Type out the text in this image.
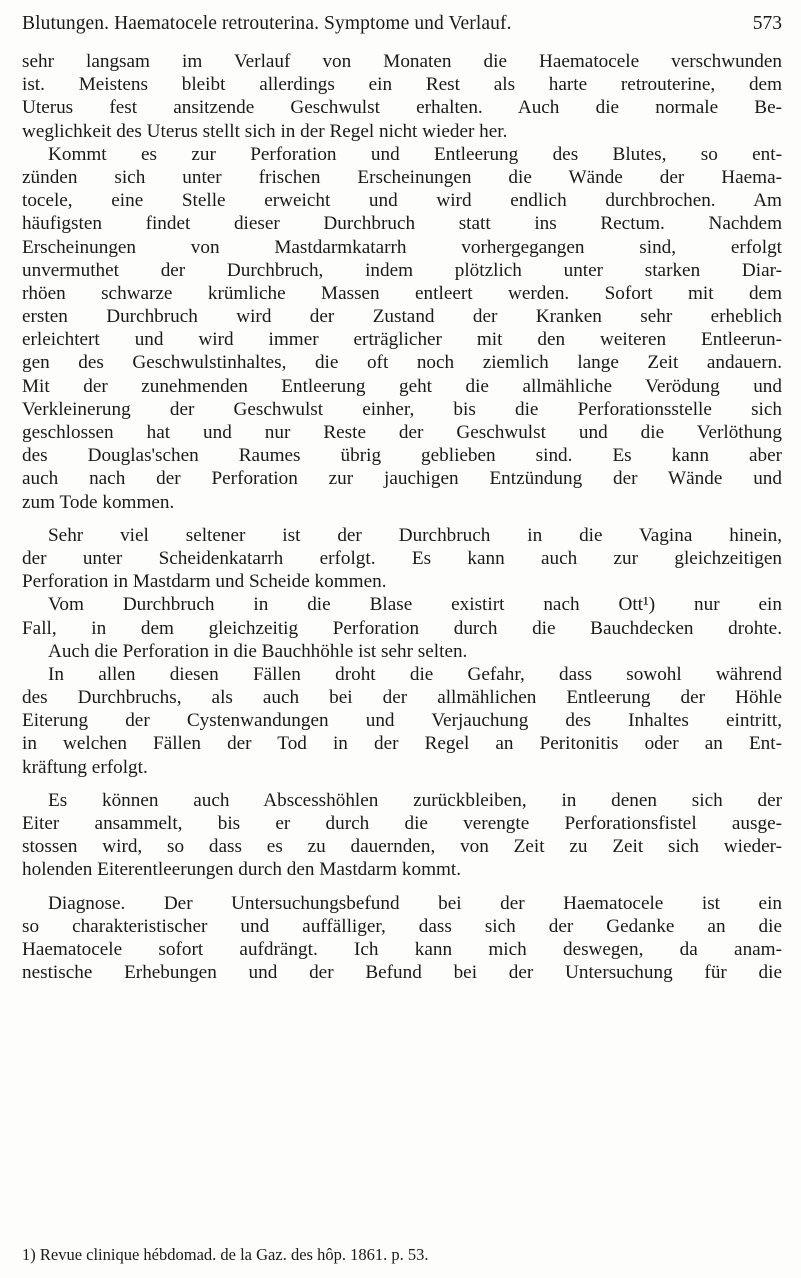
Blutungen. Haematocele retrouterina. Symptome und Verlauf.	573
sehr langsam im Verlauf von Monaten die Haematocele verschwunden
ist. Meistens bleibt allerdings ein Rest als harte retrouterine, dem
Uterus fest ansitzende Geschwulst erhalten. Auch die normale Be-
weglichkeit des Uterus stellt sich in der Regel nicht wieder her.
Kommt es zur Perforation und Entleerung des Blutes, so ent-
zünden sich unter frischen Erscheinungen die Wände der Haema-
tocele, eine Stelle erweicht und wird endlich durchbrochen. Am
häufigsten findet dieser Durchbruch statt ins Rectum. Nachdem
Erscheinungen von Mastdarmkatarrh vorhergegangen sind, erfolgt
unvermuthet der Durchbruch, indem plötzlich unter starken Diar-
rhöen schwarze krümliche Massen entleert werden. Sofort mit dem
ersten Durchbruch wird der Zustand der Kranken sehr erheblich
erleichtert und wird immer erträglicher mit den weiteren Entleerun-
gen des Geschwulstinhaltes, die oft noch ziemlich lange Zeit andauern.
Mit der zunehmenden Entleerung geht die allmähliche Verödung und
Verkleinerung der Geschwulst einher, bis die Perforationsstelle sich
geschlossen hat und nur Reste der Geschwulst und die Verlöthung
des Douglas'schen Raumes übrig geblieben sind. Es kann aber
auch nach der Perforation zur jauchigen Entzündung der Wände und
zum Tode kommen.
Sehr viel seltener ist der Durchbruch in die Vagina hinein,
der unter Scheidenkatarrh erfolgt. Es kann auch zur gleichzeitigen
Perforation in Mastdarm und Scheide kommen.
Vom Durchbruch in die Blase existirt nach Ott¹) nur ein
Fall, in dem gleichzeitig Perforation durch die Bauchdecken drohte.
Auch die Perforation in die Bauchhöhle ist sehr selten.
In allen diesen Fällen droht die Gefahr, dass sowohl während
des Durchbruchs, als auch bei der allmählichen Entleerung der Höhle
Eiterung der Cystenwandungen und Verjauchung des Inhaltes eintritt,
in welchen Fällen der Tod in der Regel an Peritonitis oder an Ent-
kräftung erfolgt.
Es können auch Abscesshöhlen zurückbleiben, in denen sich der
Eiter ansammelt, bis er durch die verengte Perforationsfistel ausge-
stossen wird, so dass es zu dauernden, von Zeit zu Zeit sich wieder-
holenden Eiterentleerungen durch den Mastdarm kommt.
Diagnose. Der Untersuchungsbefund bei der Haematocele ist ein
so charakteristischer und auffälliger, dass sich der Gedanke an die
Haematocele sofort aufdrängt. Ich kann mich deswegen, da anam-
nestische Erhebungen und der Befund bei der Untersuchung für die
1) Revue clinique hébdomad. de la Gaz. des hôp. 1861. p. 53.
